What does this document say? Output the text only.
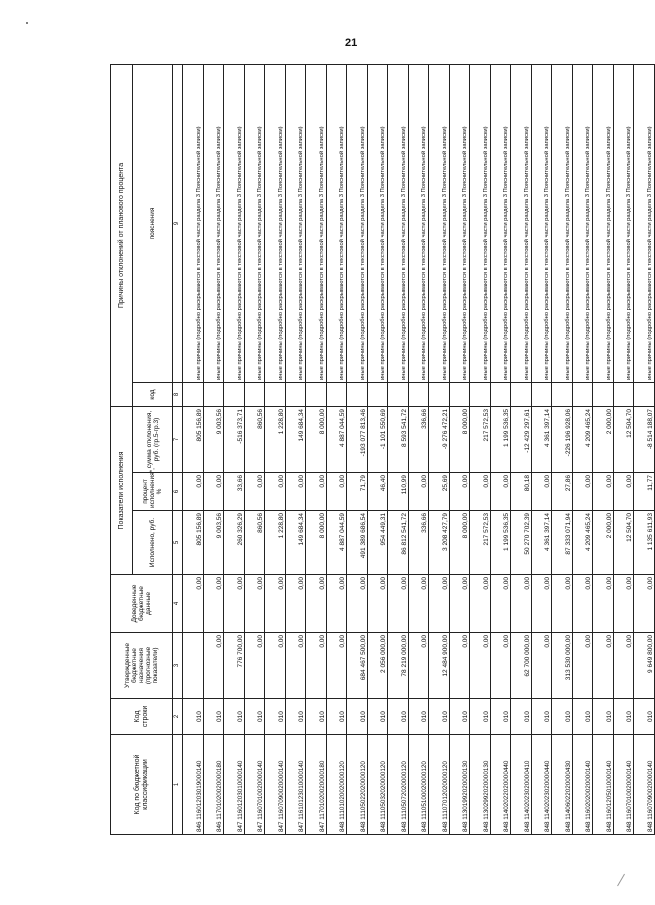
21
Код по бюджетной классификации	Код строки	Утвержденные бюджетные назначения (прогнозные показатели)	Доведенные бюджетные данные	Показатели исполнения			Причины отклонений от планового процента	
				Исполнено, руб.	процент исполнения*, %	сумма отклонения, руб. (гр.5-гр.3)	код	пояснения
1	2	3	4	5	6	7	8	9
846 11601203019000140	010		0,00	805 156,89	0,00	805 156,89		иные причины (подробно раскрываются в текстовой части раздела 3 Пояснительной записки)
846 11701020020000180	010	0,00	0,00	9 003,56	0,00	9 003,56		иные причины (подробно раскрываются в текстовой части раздела 3 Пояснительной записки)
847 11601203010000140	010	776 700,00	0,00	260 326,29	33,66	-516 373,71		иные причины (подробно раскрываются в текстовой части раздела 3 Пояснительной записки)
847 11607010020000140	010	0,00	0,00	860,56	0,00	860,56		иные причины (подробно раскрываются в текстовой части раздела 3 Пояснительной записки)
847 11607090020000140	010	0,00	0,00	1 228,80	0,00	1 228,80		иные причины (подробно раскрываются в текстовой части раздела 3 Пояснительной записки)
847 11610123010000140	010	0,00	0,00	149 684,34	0,00	149 684,34		иные причины (подробно раскрываются в текстовой части раздела 3 Пояснительной записки)
847 11701020020000180	010	0,00	0,00	8 000,00	0,00	8 000,00		иные причины (подробно раскрываются в текстовой части раздела 3 Пояснительной записки)
848 11101020020000120	010	0,00	0,00	4 887 044,59	0,00	4 887 044,59		иные причины (подробно раскрываются в текстовой части раздела 3 Пояснительной записки)
848 11105022020000120	010	684 467 500,00	0,00	491 389 686,54	71,79	-193 077 813,46		иные причины (подробно раскрываются в текстовой части раздела 3 Пояснительной записки)
848 11105032020000120	010	2 056 000,00	0,00	954 449,31	46,40	-1 101 550,69		иные причины (подробно раскрываются в текстовой части раздела 3 Пояснительной записки)
848 11105072020000120	010	78 219 000,00	0,00	86 812 541,72	110,99	8 593 541,72		иные причины (подробно раскрываются в текстовой части раздела 3 Пояснительной записки)
848 11105100020000120	010	0,00	0,00	336,66	0,00	336,66		иные причины (подробно раскрываются в текстовой части раздела 3 Пояснительной записки)
848 11107012020000120	010	12 484 900,00	0,00	3 208 427,79	25,69	-9 276 472,21		иные причины (подробно раскрываются в текстовой части раздела 3 Пояснительной записки)
848 11301992020000130	010	0,00	0,00	8 000,00	0,00	8 000,00		иные причины (подробно раскрываются в текстовой части раздела 3 Пояснительной записки)
848 11302992020000130	010	0,00	0,00	217 572,53	0,00	217 572,53		иные причины (подробно раскрываются в текстовой части раздела 3 Пояснительной записки)
848 11402022020000440	010	0,00	0,00	1 199 536,35	0,00	1 199 536,35		иные причины (подробно раскрываются в текстовой части раздела 3 Пояснительной записки)
848 11402023020000410	010	62 700 000,00	0,00	50 270 702,39	80,18	-12 429 297,61		иные причины (подробно раскрываются в текстовой части раздела 3 Пояснительной записки)
848 11402023020000440	010	0,00	0,00	4 361 397,14	0,00	4 361 397,14		иные причины (подробно раскрываются в текстовой части раздела 3 Пояснительной записки)
848 11406022020000430	010	313 530 000,00	0,00	87 333 071,94	27,86	-226 196 928,06		иные причины (подробно раскрываются в текстовой части раздела 3 Пояснительной записки)
848 11602020020000140	010	0,00	0,00	4 209 465,24	0,00	4 209 465,24		иные причины (подробно раскрываются в текстовой части раздела 3 Пояснительной записки)
848 11601205010000140	010	0,00	0,00	2 000,00	0,00	2 000,00		иные причины (подробно раскрываются в текстовой части раздела 3 Пояснительной записки)
848 11607010020000140	010	0,00	0,00	12 504,70	0,00	12 504,70		иные причины (подробно раскрываются в текстовой части раздела 3 Пояснительной записки)
848 11607090020000140	010	9 649 800,00	0,00	1 135 611,93	11,77	-8 514 188,07		иные причины (подробно раскрываются в текстовой части раздела 3 Пояснительной записки)
